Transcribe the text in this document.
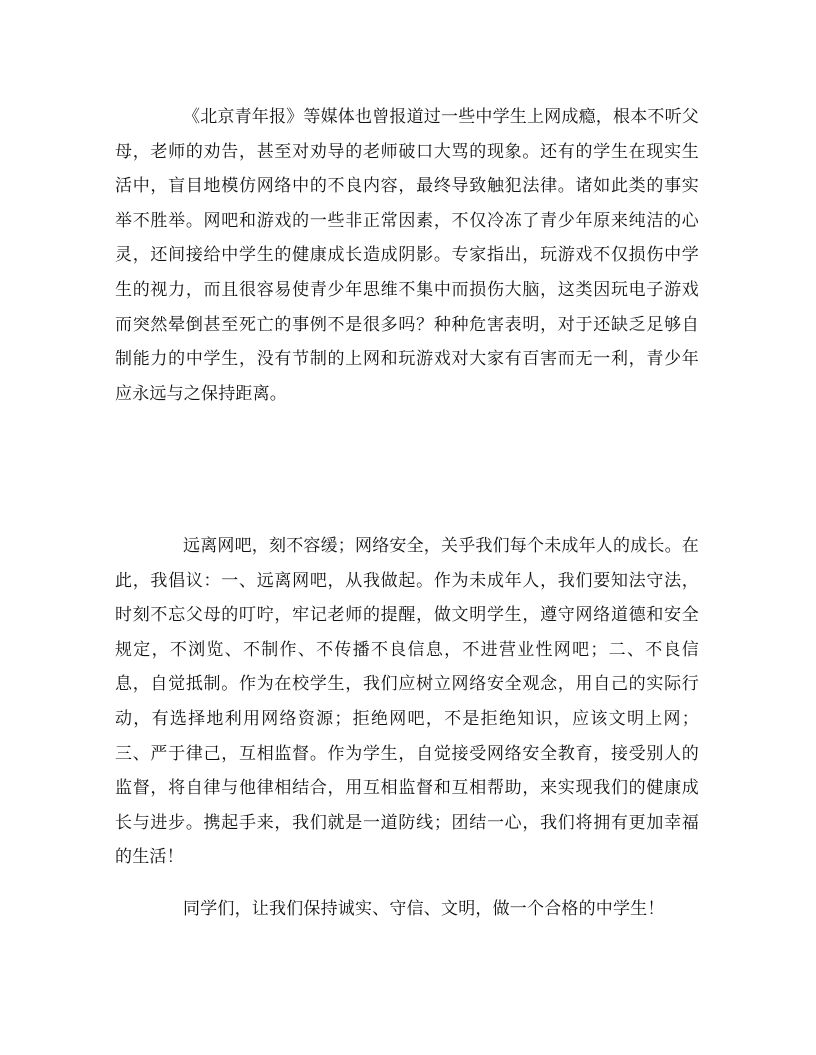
《北京青年报》等媒体也曾报道过一些中学生上网成瘾，根本不听父母，老师的劝告，甚至对劝导的老师破口大骂的现象。还有的学生在现实生活中，盲目地模仿网络中的不良内容，最终导致触犯法律。诸如此类的事实举不胜举。网吧和游戏的一些非正常因素，不仅冷冻了青少年原来纯洁的心灵，还间接给中学生的健康成长造成阴影。专家指出，玩游戏不仅损伤中学生的视力，而且很容易使青少年思维不集中而损伤大脑，这类因玩电子游戏而突然晕倒甚至死亡的事例不是很多吗？种种危害表明，对于还缺乏足够自制能力的中学生，没有节制的上网和玩游戏对大家有百害而无一利，青少年应永远与之保持距离。

远离网吧，刻不容缓；网络安全，关乎我们每个未成年人的成长。在此，我倡议：一、远离网吧，从我做起。作为未成年人，我们要知法守法，时刻不忘父母的叮咛，牢记老师的提醒，做文明学生，遵守网络道德和安全规定，不浏览、不制作、不传播不良信息，不进营业性网吧；二、不良信息，自觉抵制。作为在校学生，我们应树立网络安全观念，用自己的实际行动，有选择地利用网络资源；拒绝网吧，不是拒绝知识，应该文明上网；三、严于律己，互相监督。作为学生，自觉接受网络安全教育，接受别人的监督，将自律与他律相结合，用互相监督和互相帮助，来实现我们的健康成长与进步。携起手来，我们就是一道防线；团结一心，我们将拥有更加幸福的生活！

同学们，让我们保持诚实、守信、文明，做一个合格的中学生！
